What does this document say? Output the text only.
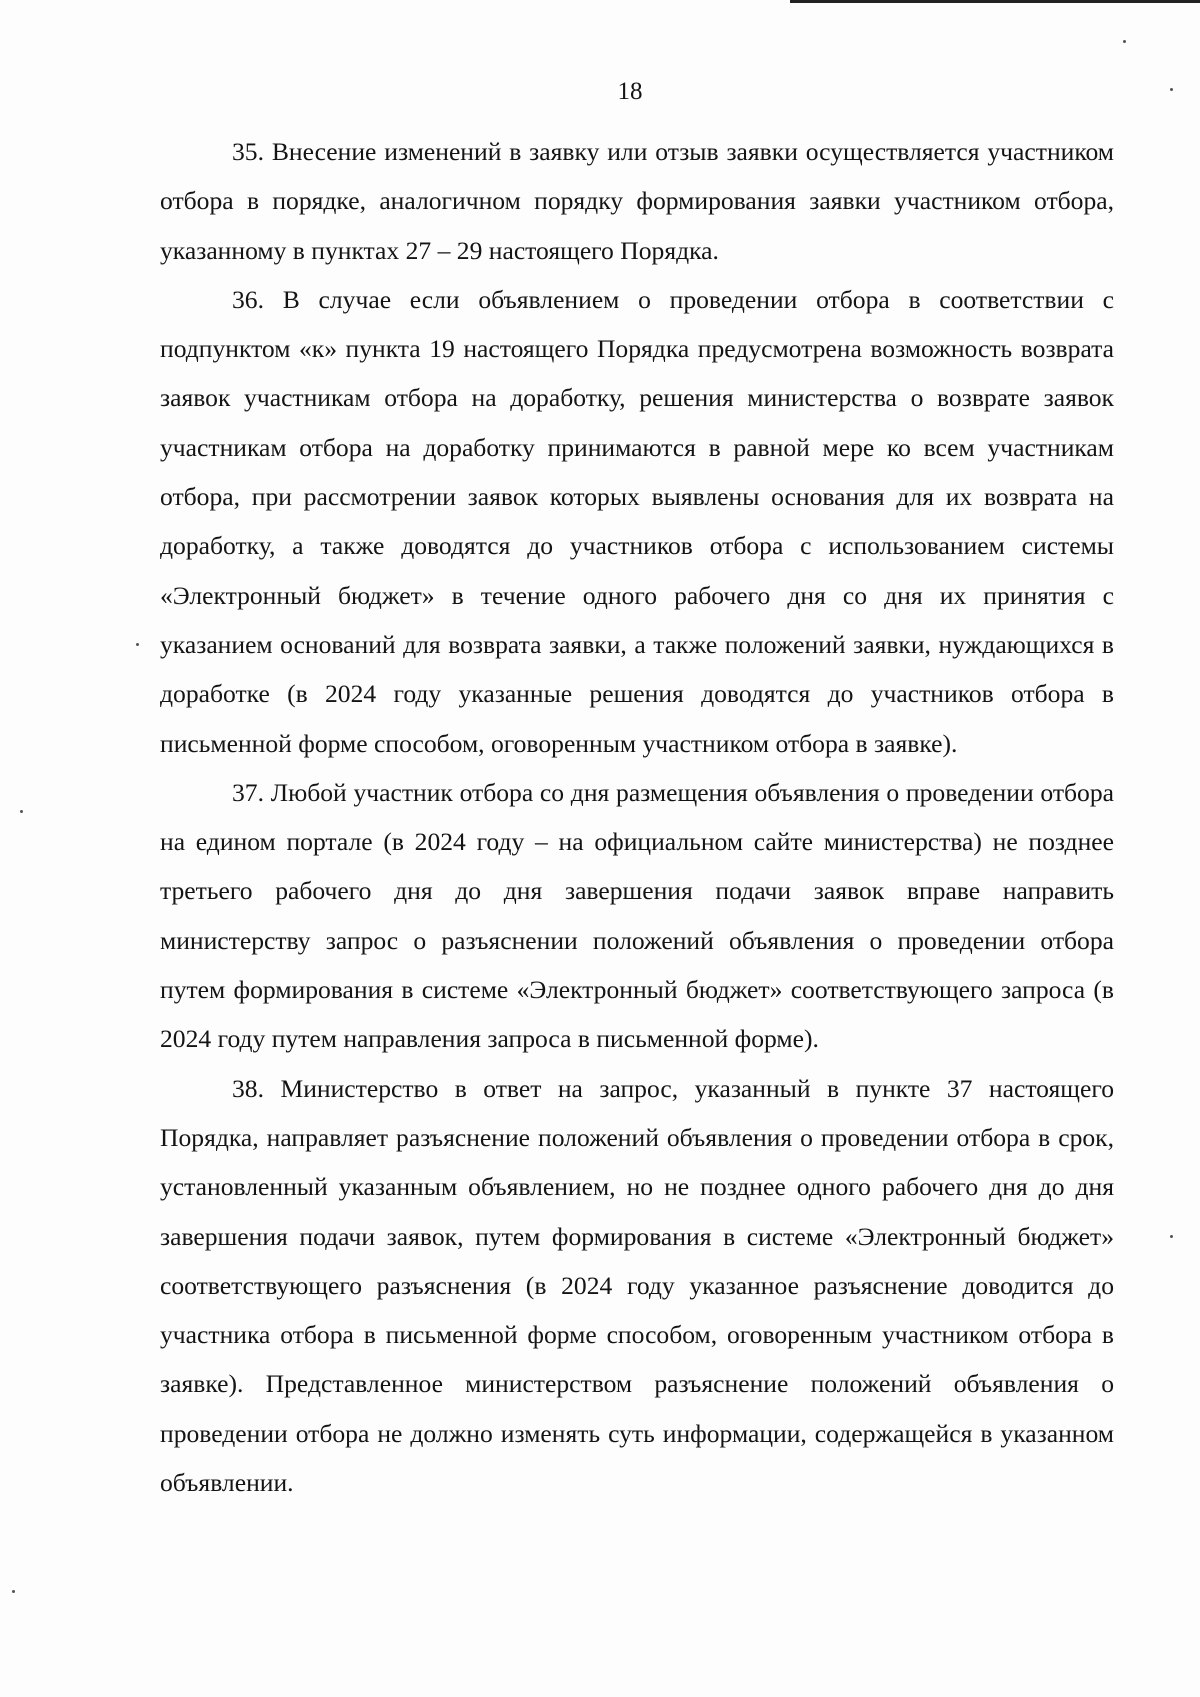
18

35. Внесение изменений в заявку или отзыв заявки осуществляется участником отбора в порядке, аналогичном порядку формирования заявки участником отбора, указанному в пунктах 27 – 29 настоящего Порядка.

36. В случае если объявлением о проведении отбора в соответствии с подпунктом «к» пункта 19 настоящего Порядка предусмотрена возможность возврата заявок участникам отбора на доработку, решения министерства о возврате заявок участникам отбора на доработку принимаются в равной мере ко всем участникам отбора, при рассмотрении заявок которых выявлены основания для их возврата на доработку, а также доводятся до участников отбора с использованием системы «Электронный бюджет» в течение одного рабочего дня со дня их принятия с указанием оснований для возврата заявки, а также положений заявки, нуждающихся в доработке (в 2024 году указанные решения доводятся до участников отбора в письменной форме способом, оговоренным участником отбора в заявке).

37. Любой участник отбора со дня размещения объявления о проведении отбора на едином портале (в 2024 году – на официальном сайте министерства) не позднее третьего рабочего дня до дня завершения подачи заявок вправе направить министерству запрос о разъяснении положений объявления о проведении отбора путем формирования в системе «Электронный бюджет» соответствующего запроса (в 2024 году путем направления запроса в письменной форме).

38. Министерство в ответ на запрос, указанный в пункте 37 настоящего Порядка, направляет разъяснение положений объявления о проведении отбора в срок, установленный указанным объявлением, но не позднее одного рабочего дня до дня завершения подачи заявок, путем формирования в системе «Электронный бюджет» соответствующего разъяснения (в 2024 году указанное разъяснение доводится до участника отбора в письменной форме способом, оговоренным участником отбора в заявке). Представленное министерством разъяснение положений объявления о проведении отбора не должно изменять суть информации, содержащейся в указанном объявлении.
